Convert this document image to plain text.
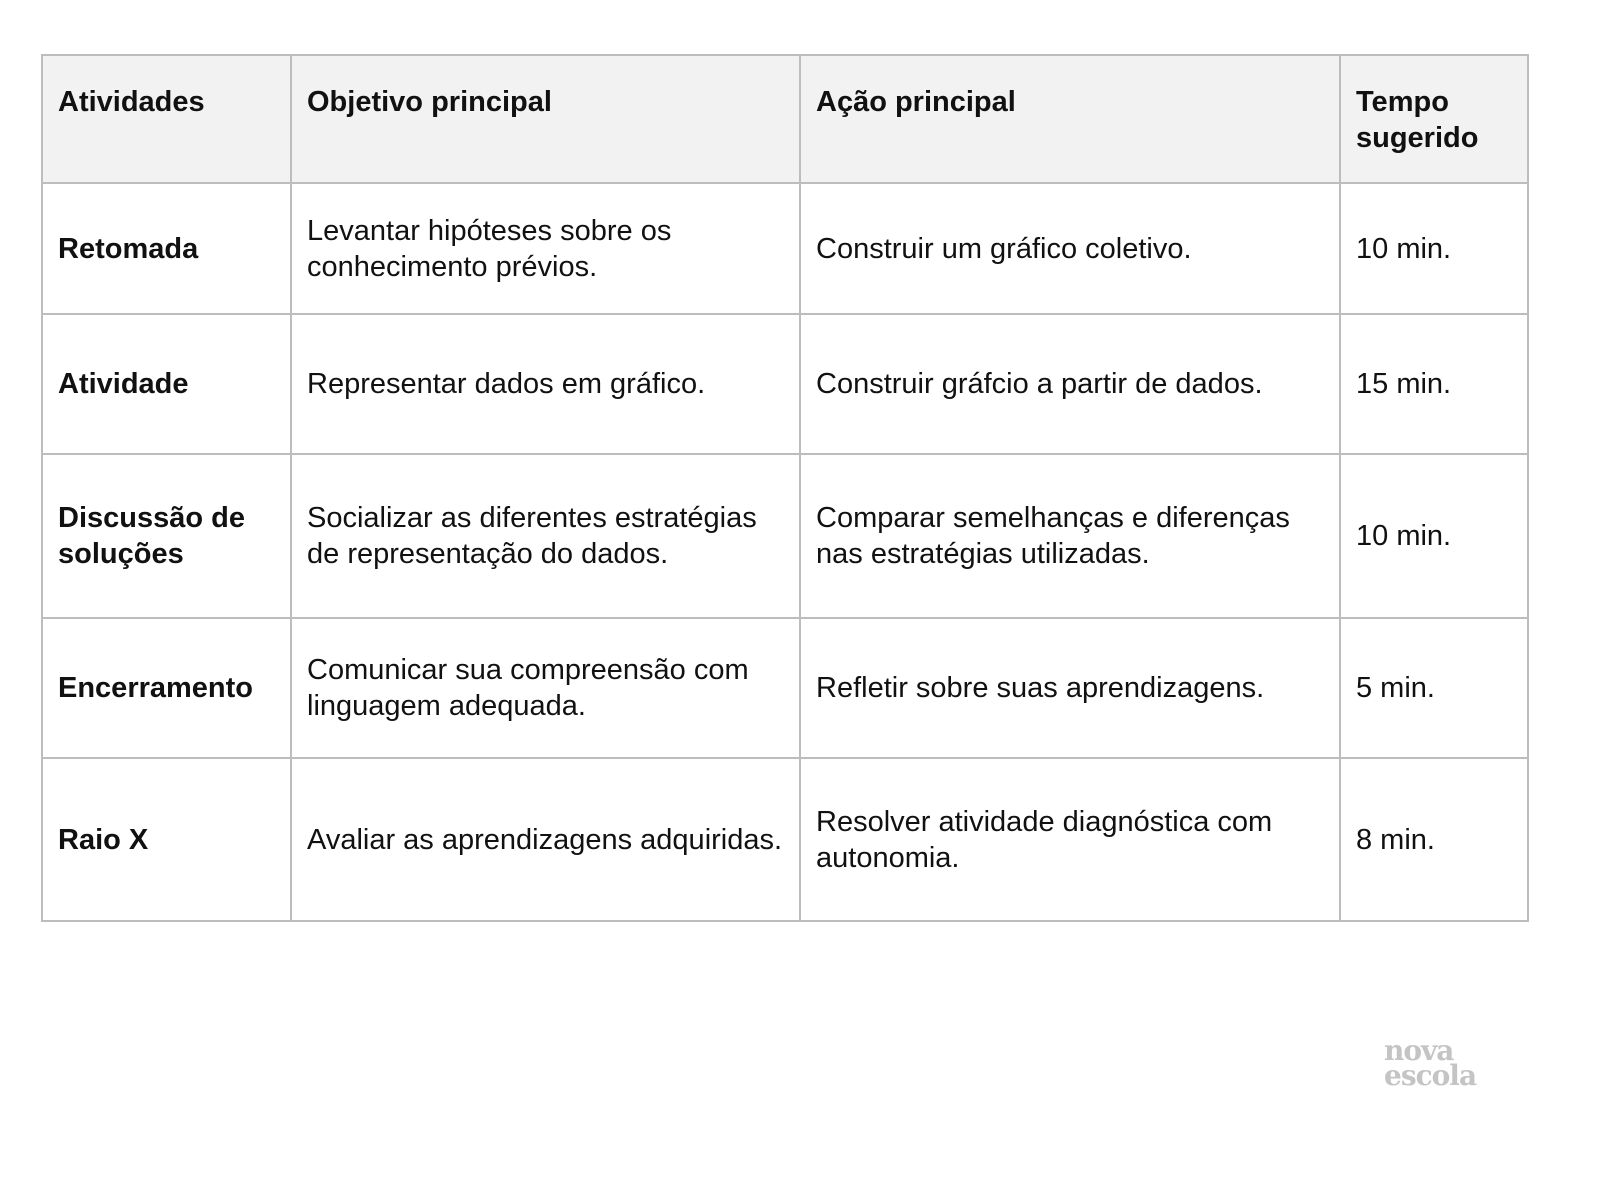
Atividades	Objetivo principal	Ação principal	Tempo sugerido
Retomada	Levantar hipóteses sobre os conhecimento prévios.	Construir um gráfico coletivo.	10 min.
Atividade	Representar dados em gráfico.	Construir gráfcio a partir de dados.	15 min.
Discussão de soluções	Socializar as diferentes estratégias de representação do dados.	Comparar semelhanças e diferenças nas estratégias utilizadas.	10 min.
Encerramento	Comunicar sua compreensão com linguagem adequada.	Refletir sobre suas aprendizagens.	5 min.
Raio X	Avaliar as aprendizagens adquiridas.	Resolver atividade diagnóstica com autonomia.	8 min.
nova
escola
